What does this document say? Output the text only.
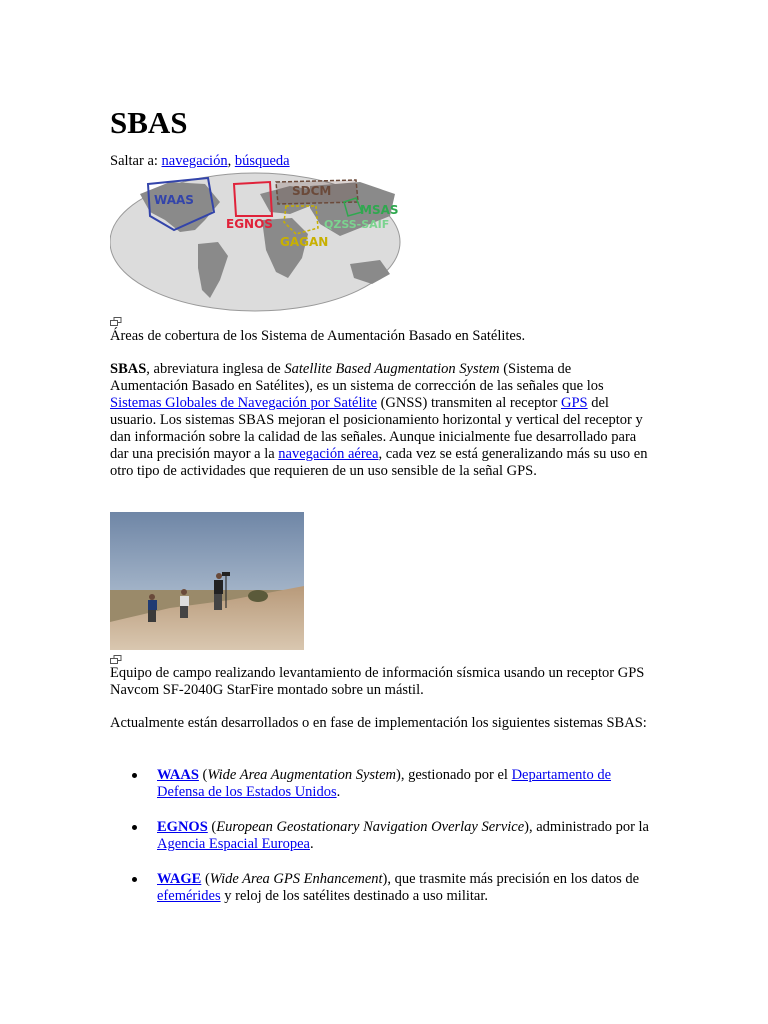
SBAS

Saltar a: navegación, búsqueda

WAAS
EGNOS
SDCM
MSAS
QZSS-SAIF
GAGAN

Áreas de cobertura de los Sistema de Aumentación Basado en Satélites.

SBAS, abreviatura inglesa de Satellite Based Augmentation System (Sistema de Aumentación Basado en Satélites), es un sistema de corrección de las señales que los Sistemas Globales de Navegación por Satélite (GNSS) transmiten al receptor GPS del usuario. Los sistemas SBAS mejoran el posicionamiento horizontal y vertical del receptor y dan información sobre la calidad de las señales. Aunque inicialmente fue desarrollado para dar una precisión mayor a la navegación aérea, cada vez se está generalizando más su uso en otro tipo de actividades que requieren de un uso sensible de la señal GPS.

Equipo de campo realizando levantamiento de información sísmica usando un receptor GPS Navcom SF-2040G StarFire montado sobre un mástil.

Actualmente están desarrollados o en fase de implementación los siguientes sistemas SBAS:

WAAS (Wide Area Augmentation System), gestionado por el Departamento de Defensa de los Estados Unidos.
EGNOS (European Geostationary Navigation Overlay Service), administrado por la Agencia Espacial Europea.
WAGE (Wide Area GPS Enhancement), que trasmite más precisión en los datos de efemérides y reloj de los satélites destinado a uso militar.
